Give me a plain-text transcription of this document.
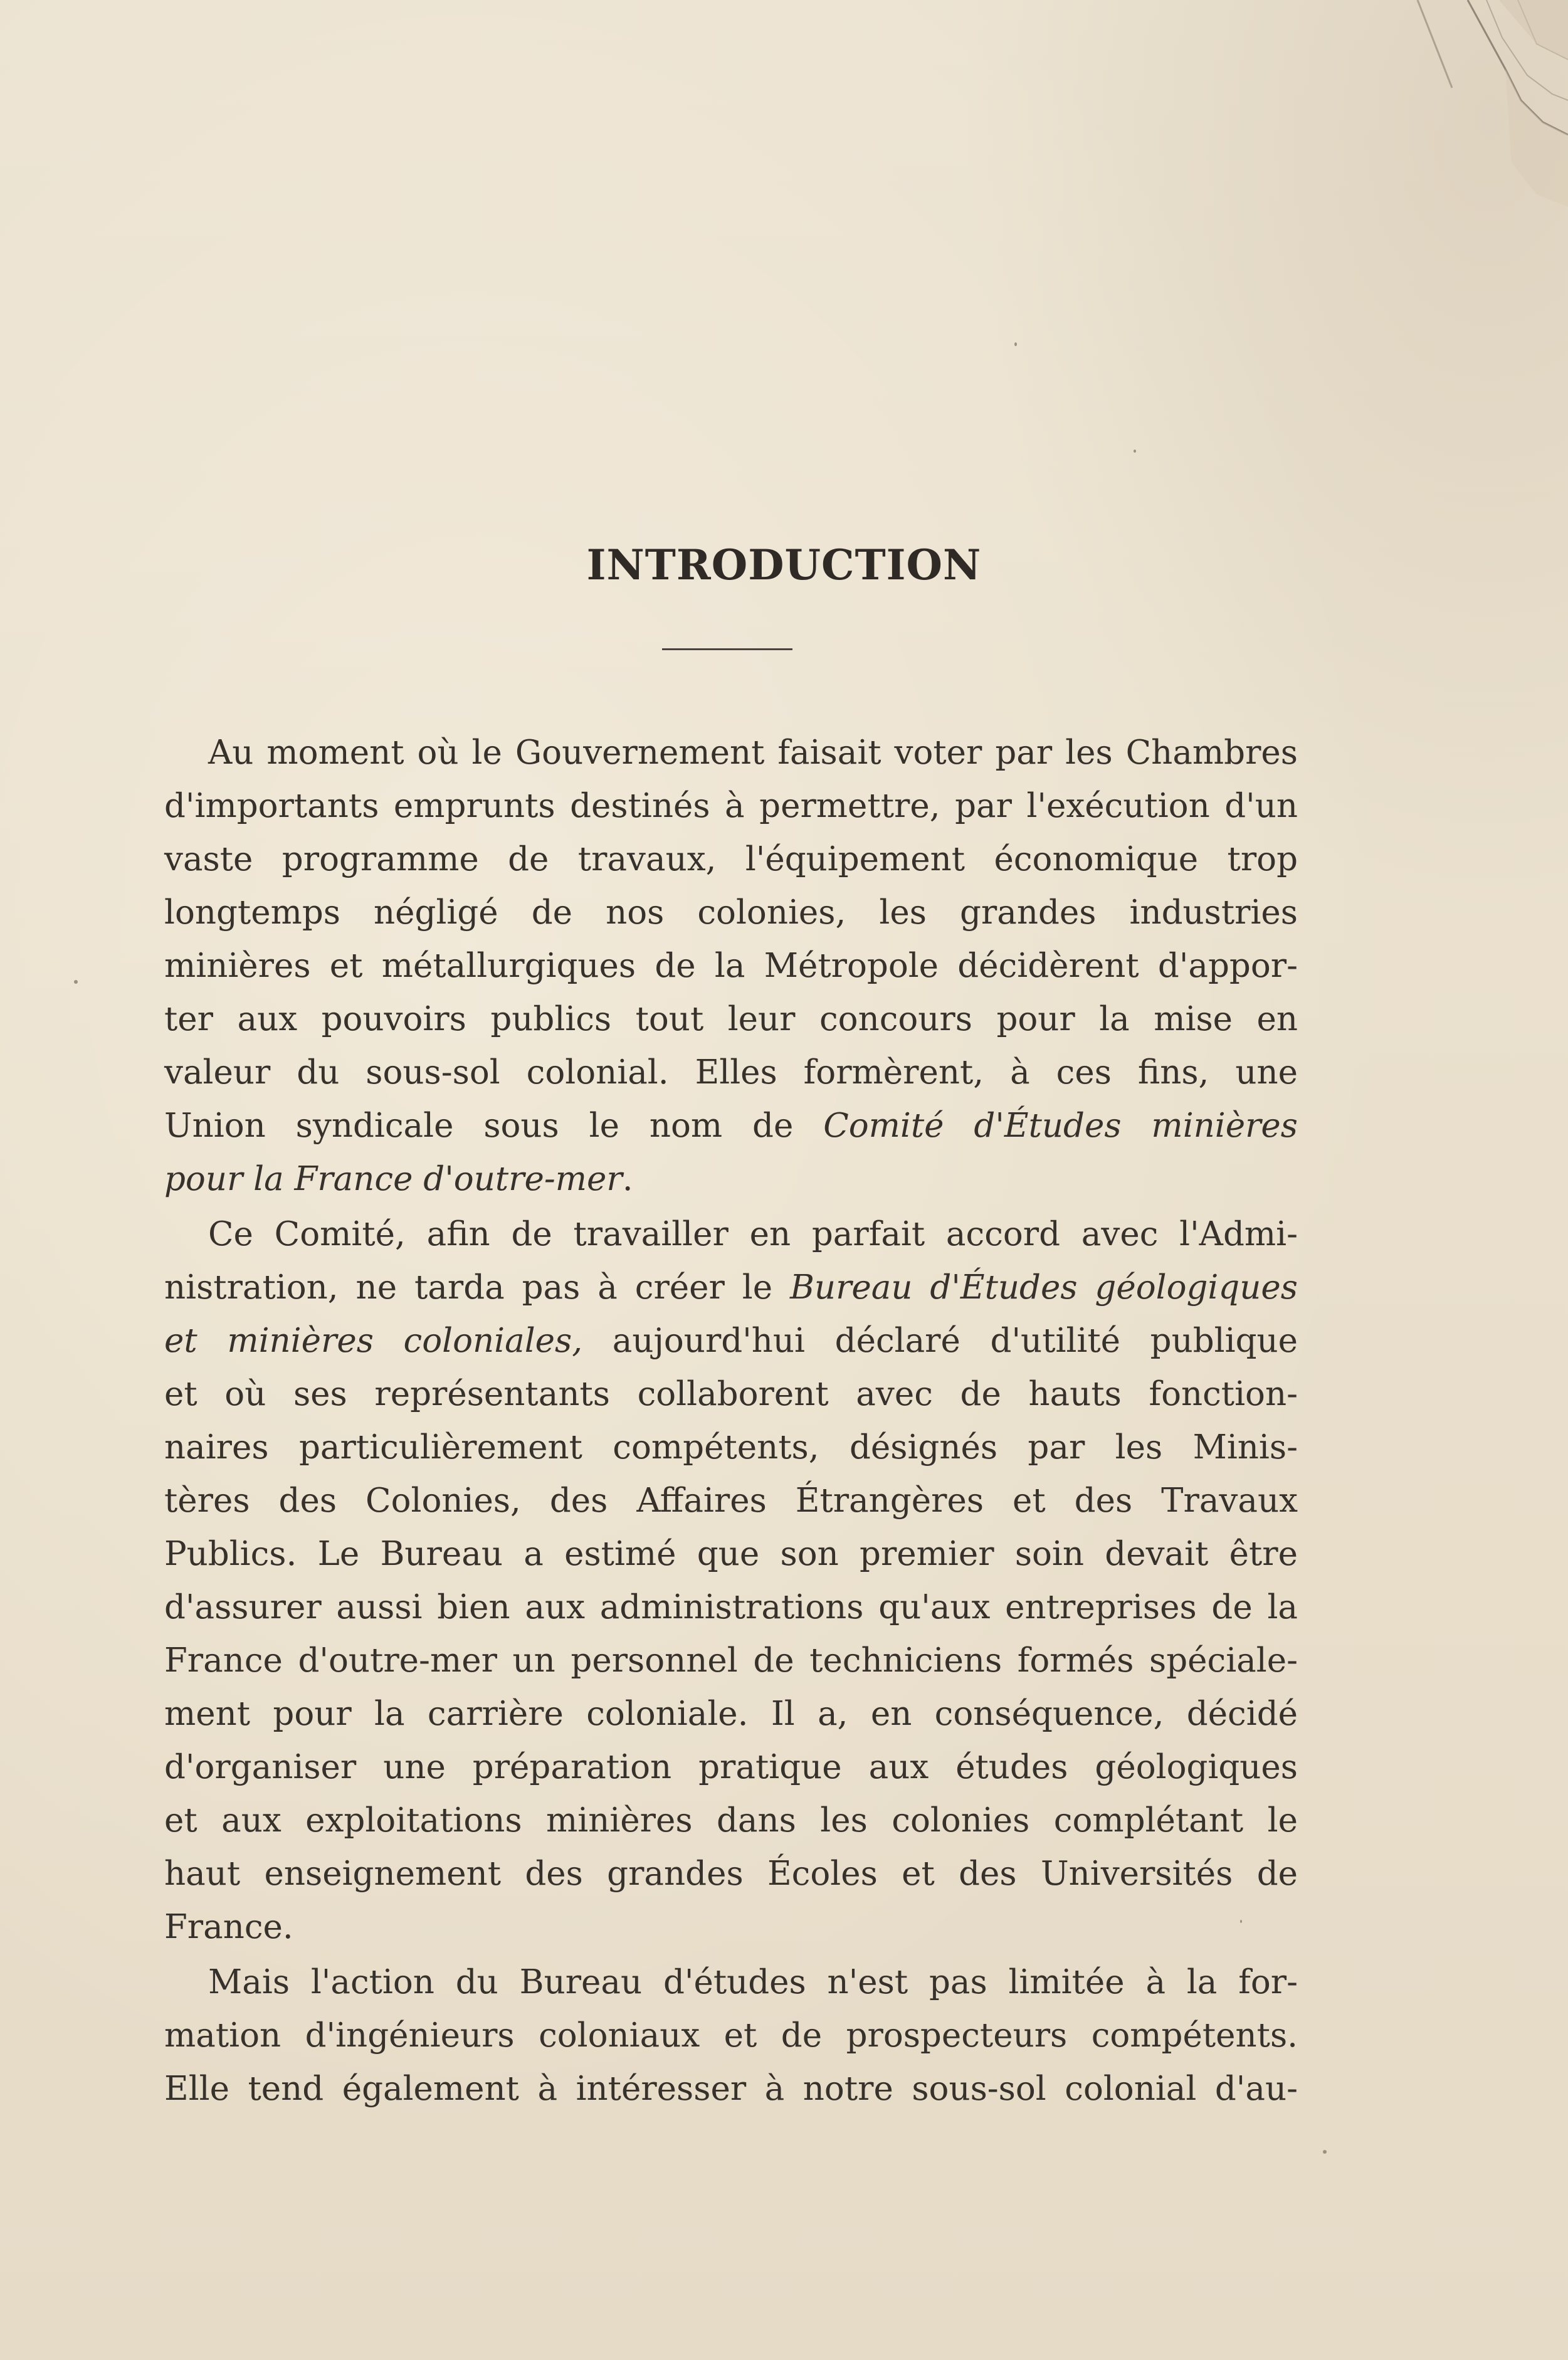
INTRODUCTION
Au moment où le Gouvernement faisait voter par les Chambres
d'importants emprunts destinés à permettre, par l'exécution d'un
vaste programme de travaux, l'équipement économique trop
longtemps négligé de nos colonies, les grandes industries
minières et métallurgiques de la Métropole décidèrent d'appor-
ter aux pouvoirs publics tout leur concours pour la mise en
valeur du sous-sol colonial. Elles formèrent, à ces fins, une
Union syndicale sous le nom de Comité d'Études minières
pour la France d'outre-mer.
Ce Comité, afin de travailler en parfait accord avec l'Admi-
nistration, ne tarda pas à créer le Bureau d'Études géologiques
et minières coloniales, aujourd'hui déclaré d'utilité publique
et où ses représentants collaborent avec de hauts fonction-
naires particulièrement compétents, désignés par les Minis-
tères des Colonies, des Affaires Étrangères et des Travaux
Publics. Le Bureau a estimé que son premier soin devait être
d'assurer aussi bien aux administrations qu'aux entreprises de la
France d'outre-mer un personnel de techniciens formés spéciale-
ment pour la carrière coloniale. Il a, en conséquence, décidé
d'organiser une préparation pratique aux études géologiques
et aux exploitations minières dans les colonies complétant le
haut enseignement des grandes Écoles et des Universités de
France.
Mais l'action du Bureau d'études n'est pas limitée à la for-
mation d'ingénieurs coloniaux et de prospecteurs compétents.
Elle tend également à intéresser à notre sous-sol colonial d'au-
